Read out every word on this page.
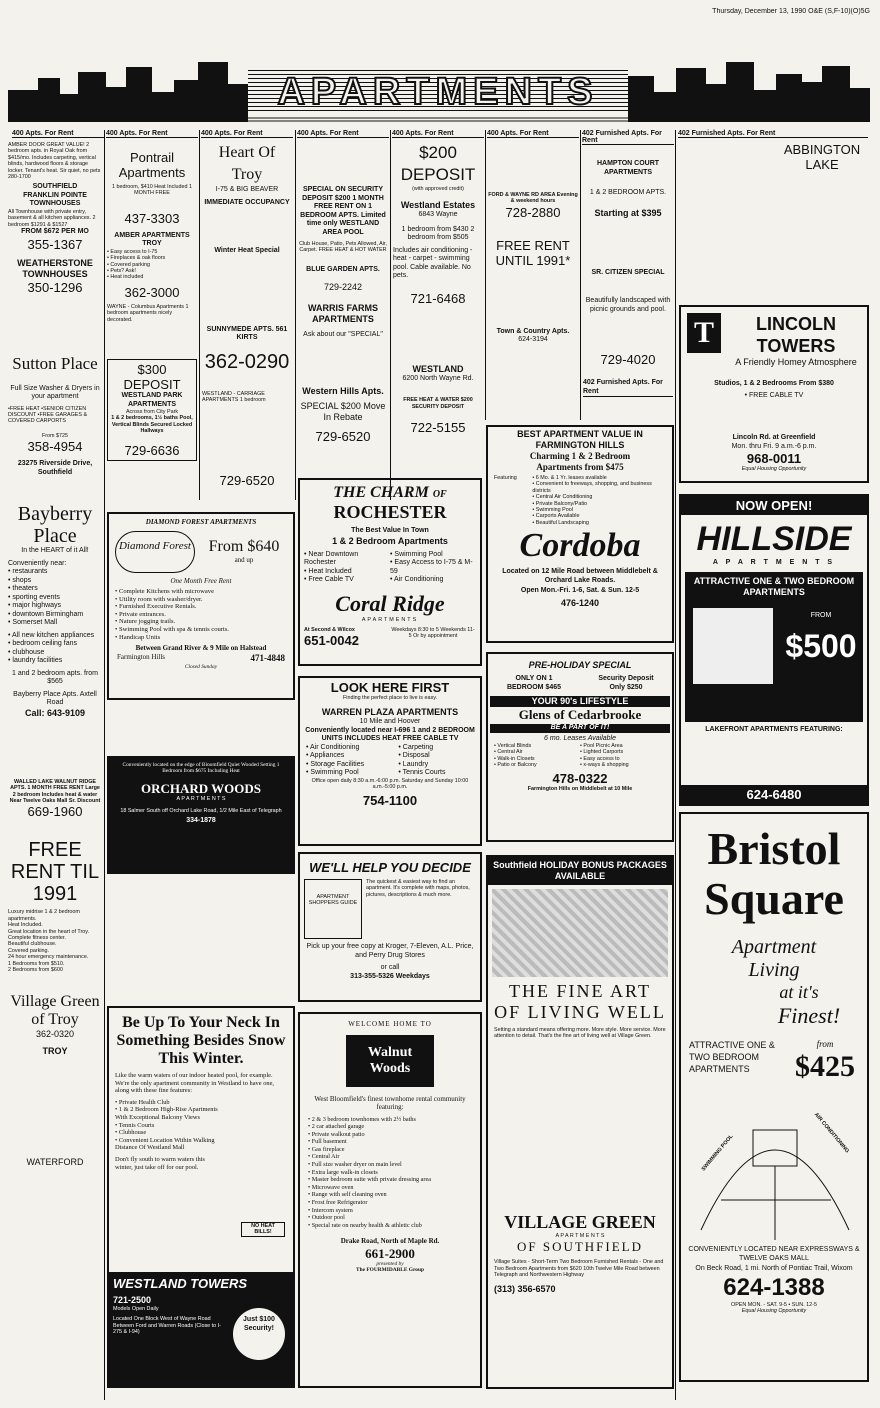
Thursday, December 13, 1990 O&E (S,F-10)(O)5G
APARTMENTS
400 Apts. For Rent	400 Apts. For Rent	400 Apts. For Rent	400 Apts. For Rent	400 Apts. For Rent	400 Apts. For Rent	402 Furnished Apts. For Rent
402 Furnished Apts. For Rent
AMBER DOOR GREAT VALUE! 2 bedroom apts. in Royal Oak from $415/mo. Includes carpeting, vertical blinds, hardwood floors & storage locker. Tenant's heat. Sir quiet, no pets 280-1700
SOUTHFIELD
FRANKLIN POINTE TOWNHOUSES
All Townhouse with private entry, basement & all kitchen appliances. 2 bedroom $1291 & $1527
FROM $672 PER MO
355-1367
WEATHERSTONE TOWNHOUSES
350-1296
Sutton Place
Full Size Washer & Dryers in your apartment
•FREE HEAT •SENIOR CITIZEN DISCOUNT •FREE GARAGES & COVERED CARPORTS
From $725
358-4954
23275 Riverside Drive, Southfield
Bayberry Place
In the HEART of it All!
Conveniently near:
• restaurants
• shops
• theaters
• sporting events
• major highways
• downtown Birmingham
• Somerset Mall
• All new kitchen appliances
• bedroom ceiling fans
• clubhouse
• laundry facilities
1 and 2 bedroom apts. from $565
Bayberry Place Apts. Axtell Road
Call: 643-9109
WALLED LAKE WALNUT RIDGE APTS. 1 MONTH FREE RENT Large 2 bedroom Includes heat & water Near Twelve Oaks Mall Sr. Discount
669-1960
FREE RENT TIL 1991
Luxury midrise 1 & 2 bedroom apartments.
Heat Included.
Great location in the heart of Troy.
Complete fitness center.
Beautiful clubhouse.
Covered parking.
24 hour emergency maintenance.
1 Bedrooms from $510.
2 Bedrooms from $600
Village Green of Troy
362-0320
TROY
WATERFORD
Pontrail Apartments
1 bedroom, $410 Heat Included 1 MONTH FREE
437-3303
AMBER APARTMENTS TROY
• Easy access to I-75
• Fireplaces & oak floors
• Covered parking
• Pets? Ask!
• Heat included
362-3000
WAYNE - Columbus Apartments 1 bedroom apartments nicely decorated.
$300 DEPOSIT
WESTLAND PARK APARTMENTS
Across from City Park
1 & 2 bedrooms, 1½ baths Pool, Vertical Blinds Secured Locked Hallways
729-6636
Heart Of Troy
I-75 & BIG BEAVER
IMMEDIATE OCCUPANCY
Winter Heat Special
SUNNYMEDE APTS. 561 KIRTS
362-0290
WESTLAND - CARRIAGE APARTMENTS 1 bedroom
729-6520
SPECIAL ON SECURITY DEPOSIT $200 1 MONTH FREE RENT ON 1 BEDROOM APTS. Limited time only WESTLAND AREA POOL
Club House, Patio, Pets Allowed, Air, Carpet. FREE HEAT & HOT WATER
BLUE GARDEN APTS.
729-2242
WARRIS FARMS APARTMENTS
Ask about our "SPECIAL"
Western Hills Apts.
SPECIAL $200 Move In Rebate
729-6520
$200 DEPOSIT
(with approved credit)
Westland Estates
6843 Wayne
1 bedroom from $430 2 bedroom from $505
Includes air conditioning - heat - carpet - swimming pool. Cable available. No pets.
721-6468
WESTLAND
6200 North Wayne Rd.
FREE HEAT & WATER $200 SECURITY DEPOSIT
722-5155
FORD & WAYNE RD AREA Evening & weekend hours
728-2880
FREE RENT UNTIL 1991*
Town & Country Apts.
624-3194
HAMPTON COURT APARTMENTS
1 & 2 BEDROOM APTS.
Starting at $395
SR. CITIZEN SPECIAL
Beautifully landscaped with picnic grounds and pool.
729-4020
402 Furnished Apts. For Rent
ABBINGTON LAKE
T	LINCOLN TOWERS
A Friendly Homey Atmosphere
Studios, 1 & 2 Bedrooms From $380
• FREE CABLE TV
Lincoln Rd. at Greenfield
Mon. thru Fri. 9 a.m.-6 p.m.
968-0011
Equal Housing Opportunity
THE CHARM OF
ROCHESTER
The Best Value In Town
1 & 2 Bedroom Apartments
• Near Downtown Rochester
• Heat Included
• Free Cable TV
• Swimming Pool
• Easy Access to I-75 & M-59
• Air Conditioning
Coral Ridge
APARTMENTS
At Second & Wilcox
651-0042
Weekdays 8:30 to 5 Weekends 11-5 Or by appointment
DIAMOND FOREST APARTMENTS
Diamond Forest	From $640
and up
One Month Free Rent
• Complete Kitchens with microwave
• Utility room with washer/dryer.
• Furnished Executive Rentals.
• Private entrances.
• Nature jogging trails.
• Swimming Pool with spa & tennis courts.
• Handicap Units
Between Grand River & 9 Mile on Halstead
Farmington Hills	471-4848
Closed Sunday
BEST APARTMENT VALUE IN FARMINGTON HILLS
Charming 1 & 2 Bedroom
Apartments from $475
Featuring
•	6 Mo. & 1 Yr. leases available
• Convenient to freeways, shopping, and business districts
• Central Air Conditioning
• Private Balcony/Patio
• Swimming Pool
• Carports Available
• Beautiful Landscaping
Cordoba
Located on 12 Mile Road between Middlebelt & Orchard Lake Roads.
Open Mon.-Fri. 1-6, Sat. & Sun. 12-5
476-1240
NOW OPEN!
HILLSIDE
A P A R T M E N T S
ATTRACTIVE ONE & TWO BEDROOM APARTMENTS
FROM
$500
LAKEFRONT APARTMENTS FEATURING:
624-6480
PRE-HOLIDAY SPECIAL
ONLY ON 1 BEDROOM $465
Security Deposit Only $250
YOUR 90's LIFESTYLE
Glens of Cedarbrooke
BE A PART OF IT!
6 mo. Leases Available
• Vertical Blinds
• Central Air
• Walk-in Closets
• Patio or Balcony
• Pool Picnic Area
• Lighted Carports
• Easy access to
• x-ways & shopping
478-0322
Farmington Hills on Middlebelt at 10 Mile
LOOK HERE FIRST
Finding the perfect place to live is easy.
WARREN PLAZA APARTMENTS
10 Mile and Hoover
Conveniently located near I-696 1 and 2 BEDROOM UNITS INCLUDES HEAT FREE CABLE TV
• Air Conditioning
• Appliances
• Storage Facilities
• Swimming Pool
• Carpeting
• Disposal
• Laundry
• Tennis Courts
Office open daily 8:30 a.m.-6:00 p.m. Saturday and Sunday 10:00 a.m.-5:00 p.m.
754-1100
Conveniently located on the edge of Bloomfield Quiet Wooded Setting 1 Bedroom from $675 Including Heat
ORCHARD WOODS
A P A R T M E N T S
18 Salmer South off Orchard Lake Road, 1/2 Mile East of Telegraph
334-1878
Bristol
Square
Apartment
Living
at it's
Finest!
ATTRACTIVE ONE & TWO BEDROOM APARTMENTS
from
$425
SWIMMING POOL	AIR CONDITIONING
CONVENIENTLY LOCATED NEAR EXPRESSWAYS & TWELVE OAKS MALL
On Beck Road, 1 mi. North of Pontiac Trail, Wixom
624-1388
OPEN MON. - SAT. 9-5 • SUN. 12-5
Equal Housing Opportunity
WE'LL HELP YOU DECIDE
APARTMENT SHOPPERS GUIDE
The quickest & easiest way to find an apartment. It's complete with maps, photos, pictures, descriptions & much more.
Pick up your free copy at Kroger, 7-Eleven, A.L. Price, and Perry Drug Stores
or call
313-355-5326 Weekdays
Southfield HOLIDAY BONUS PACKAGES AVAILABLE
THE FINE ART
OF LIVING WELL
Setting a standard means offering more. More style. More service. More attention to detail. That's the fine art of living well at Village Green.
VILLAGE GREEN
A P A R T M E N T S
OF SOUTHFIELD
Village Suites - Short-Term Two Bedroom Furnished Rentals - One and Two Bedroom Apartments from $620 10th Twelve Mile Road between Telegraph and Northwestern Highway
(313) 356-6570
Be Up To Your Neck In Something Besides Snow This Winter.
Like the warm waters of our indoor heated pool, for example. We're the only apartment community in Westland to have one, along with these fine features:
• Private Health Club
• 1 & 2 Bedroom High-Rise Apartments With Exceptional Balcony Views
• Tennis Courts
• Clubhouse
• Convenient Location Within Walking Distance Of Westland Mall
Don't fly south to warm waters this winter, just take off for our pool.
NO HEAT BILLS!
WESTLAND TOWERS
721-2500
Models Open Daily
Located One Block West of Wayne Road Between Ford and Warren Roads (Close to I-275 & I-94)
Just $100 Security!
WELCOME HOME TO
Walnut Woods
West Bloomfield's finest townhome rental community featuring:
• 2 & 3 bedroom townhomes with 2½ baths
• 2 car attached garage
• Private walkout patio
• Full basement
• Gas fireplace
• Central Air
• Full size washer dryer on main level
• Extra large walk-in closets
• Master bedroom suite with private dressing area
• Microwave oven
• Range with self cleaning oven
• Frost free Refrigerator
• Intercom system
• Outdoor pool
• Special rate on nearby health & athletic club
Drake Road, North of Maple Rd.
661-2900
presented by
The FOURMIDABLE Group
